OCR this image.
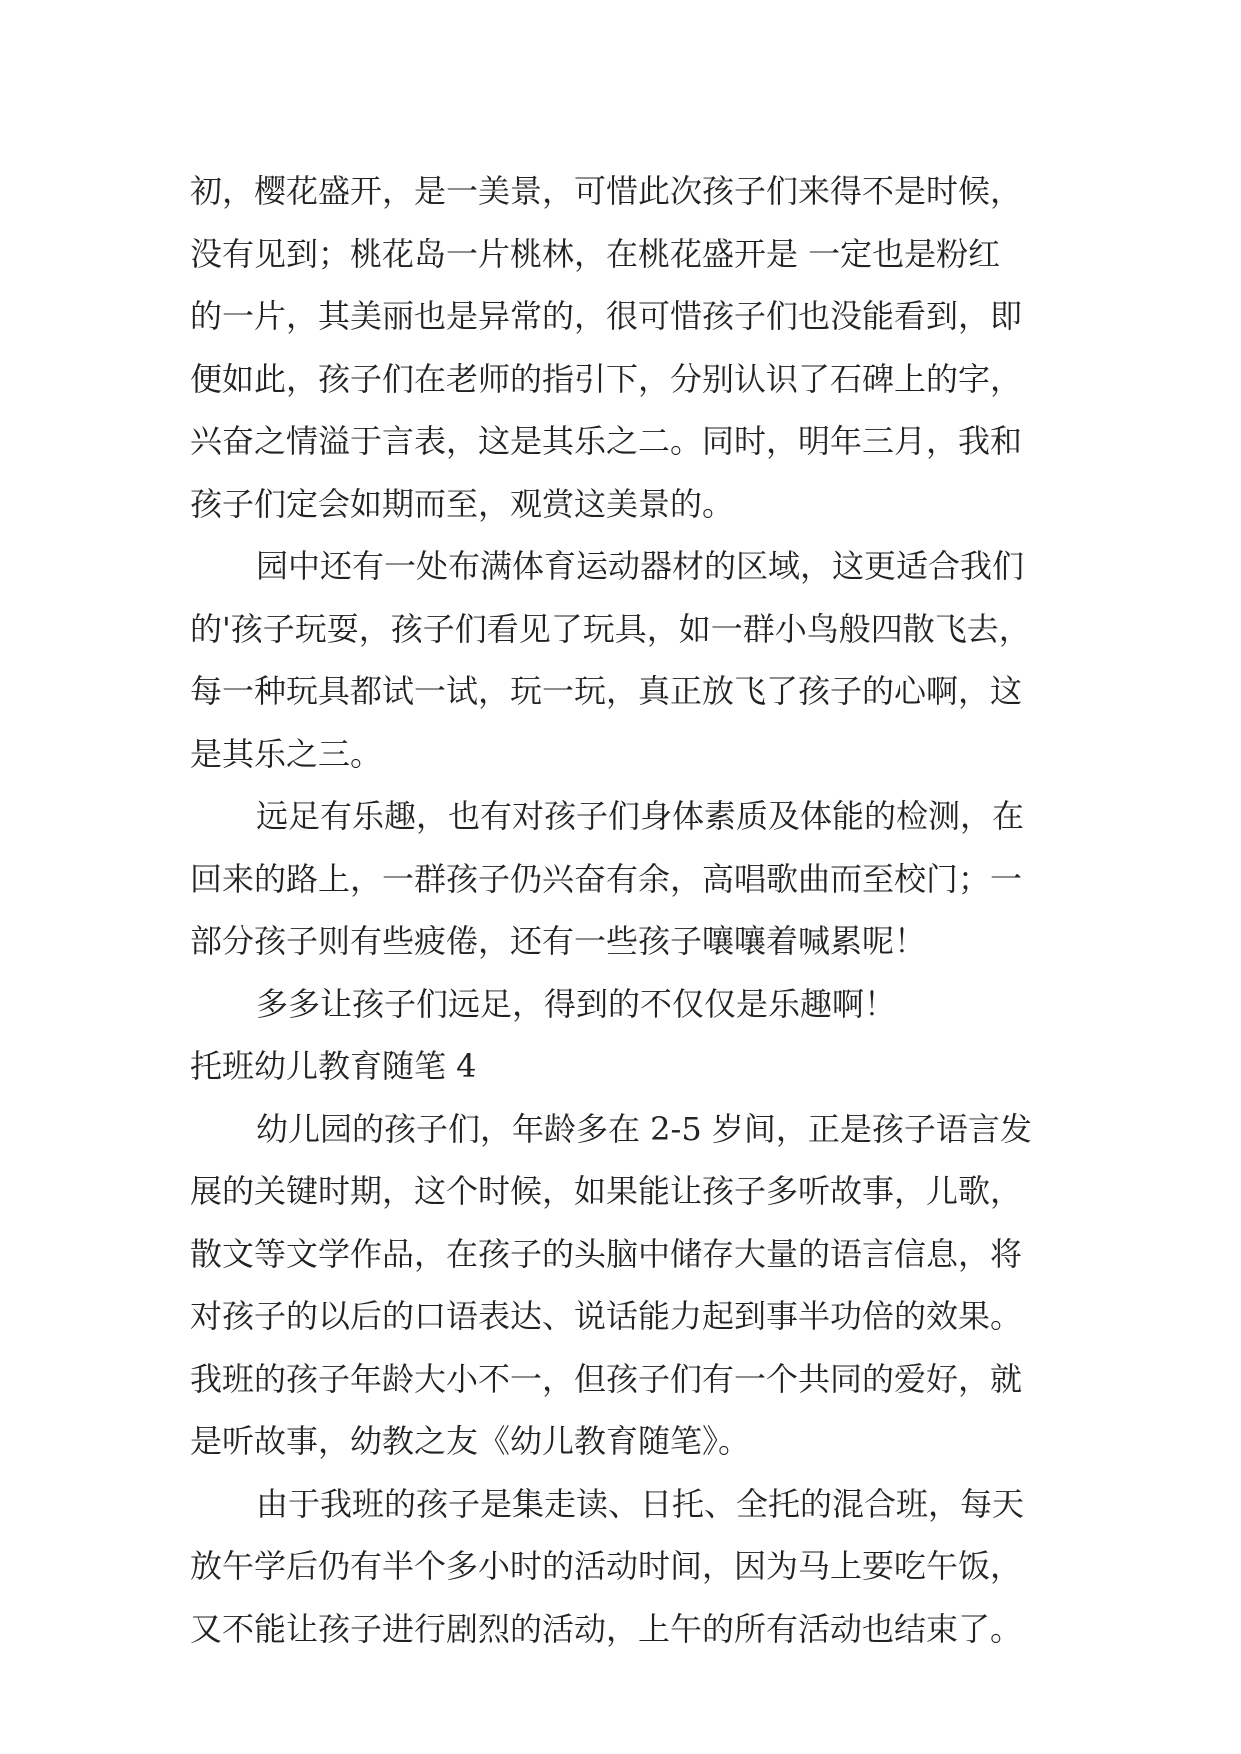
初，樱花盛开，是一美景，可惜此次孩子们来得不是时候，
没有见到；桃花岛一片桃林，在桃花盛开是 一定也是粉红
的一片，其美丽也是异常的，很可惜孩子们也没能看到，即
便如此，孩子们在老师的指引下，分别认识了石碑上的字，
兴奋之情溢于言表，这是其乐之二。同时，明年三月，我和
孩子们定会如期而至，观赏这美景的。
园中还有一处布满体育运动器材的区域，这更适合我们
的'孩子玩耍，孩子们看见了玩具，如一群小鸟般四散飞去，
每一种玩具都试一试，玩一玩，真正放飞了孩子的心啊，这
是其乐之三。
远足有乐趣，也有对孩子们身体素质及体能的检测，在
回来的路上，一群孩子仍兴奋有余，高唱歌曲而至校门；一
部分孩子则有些疲倦，还有一些孩子嚷嚷着喊累呢！
多多让孩子们远足，得到的不仅仅是乐趣啊！
托班幼儿教育随笔 4
幼儿园的孩子们，年龄多在 2-5 岁间，正是孩子语言发
展的关键时期，这个时候，如果能让孩子多听故事，儿歌，
散文等文学作品，在孩子的头脑中储存大量的语言信息，将
对孩子的以后的口语表达、说话能力起到事半功倍的效果。
我班的孩子年龄大小不一，但孩子们有一个共同的爱好，就
是听故事，幼教之友《幼儿教育随笔》。
由于我班的孩子是集走读、日托、全托的混合班，每天
放午学后仍有半个多小时的活动时间，因为马上要吃午饭，
又不能让孩子进行剧烈的活动，上午的所有活动也结束了。
